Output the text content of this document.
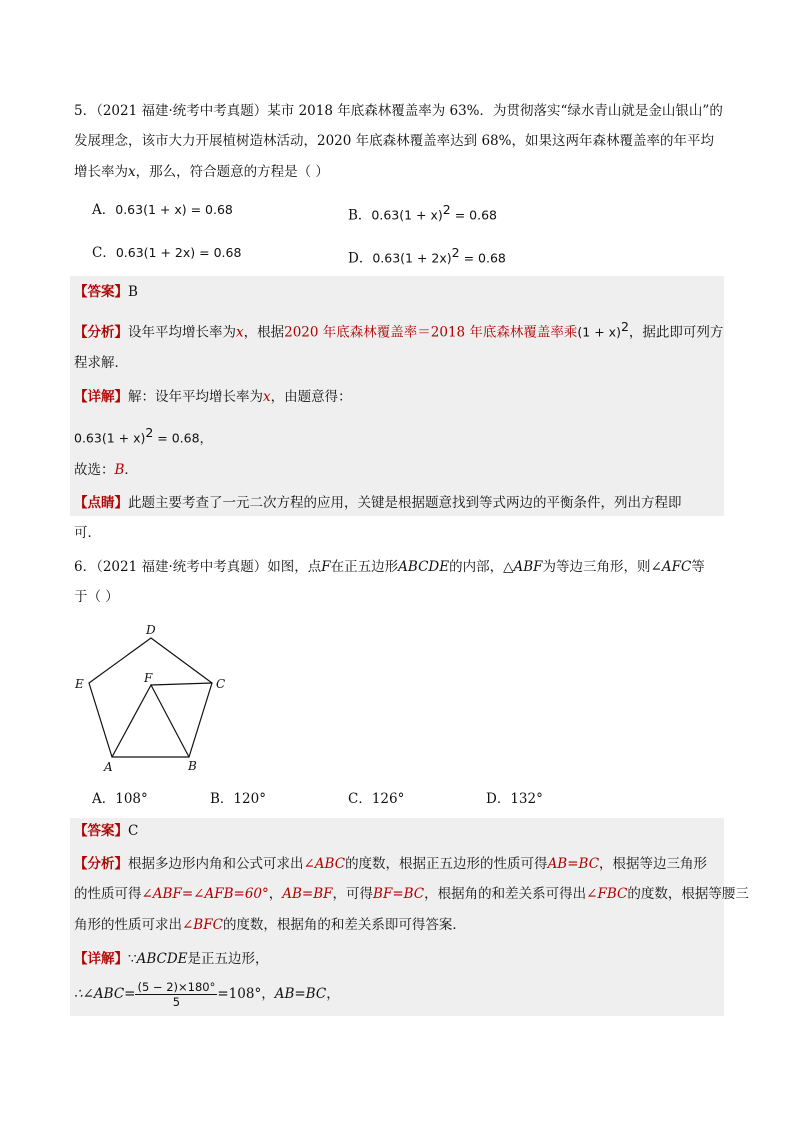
5．（2021 福建·统考中考真题）某市 2018 年底森林覆盖率为 63%．为贯彻落实“绿水青山就是金山银山”的
发展理念，该市大力开展植树造林活动，2020 年底森林覆盖率达到 68%，如果这两年森林覆盖率的年平均
增长率为x，那么，符合题意的方程是（ ）
A．0.63(1 + x) = 0.68	B．$0.63(1 + x)^2 = 0.68$
C．0.63(1 + 2x) = 0.68	D．$0.63(1 + 2x)^2 = 0.68$
【答案】B
【分析】设年平均增长率为x，根据2020 年底森林覆盖率＝2018 年底森林覆盖率乘$(1 + x)^2$，据此即可列方
程求解．
【详解】解：设年平均增长率为x，由题意得：
$0.63(1 + x)^2 = 0.68$，
故选：B．
【点睛】此题主要考查了一元二次方程的应用，关键是根据题意找到等式两边的平衡条件，列出方程即
可．
6．（2021 福建·统考中考真题）如图，点F在正五边形ABCDE的内部，△ABF为等边三角形，则∠AFC等
于（ ）
D
E	C
F
A	B
A．108°	B．120°	C．126°	D．132°
【答案】C
【分析】根据多边形内角和公式可求出∠ABC的度数，根据正五边形的性质可得AB=BC，根据等边三角形
的性质可得∠ABF=∠AFB=60°，AB=BF，可得BF=BC，根据角的和差关系可得出∠FBC的度数，根据等腰三
角形的性质可求出∠BFC的度数，根据角的和差关系即可得答案．
【详解】∵ABCDE是正五边形，
∴∠ABC= $\frac{(5 - 2)\times 180^\circ}{5} =108^\circ$，AB=BC，
